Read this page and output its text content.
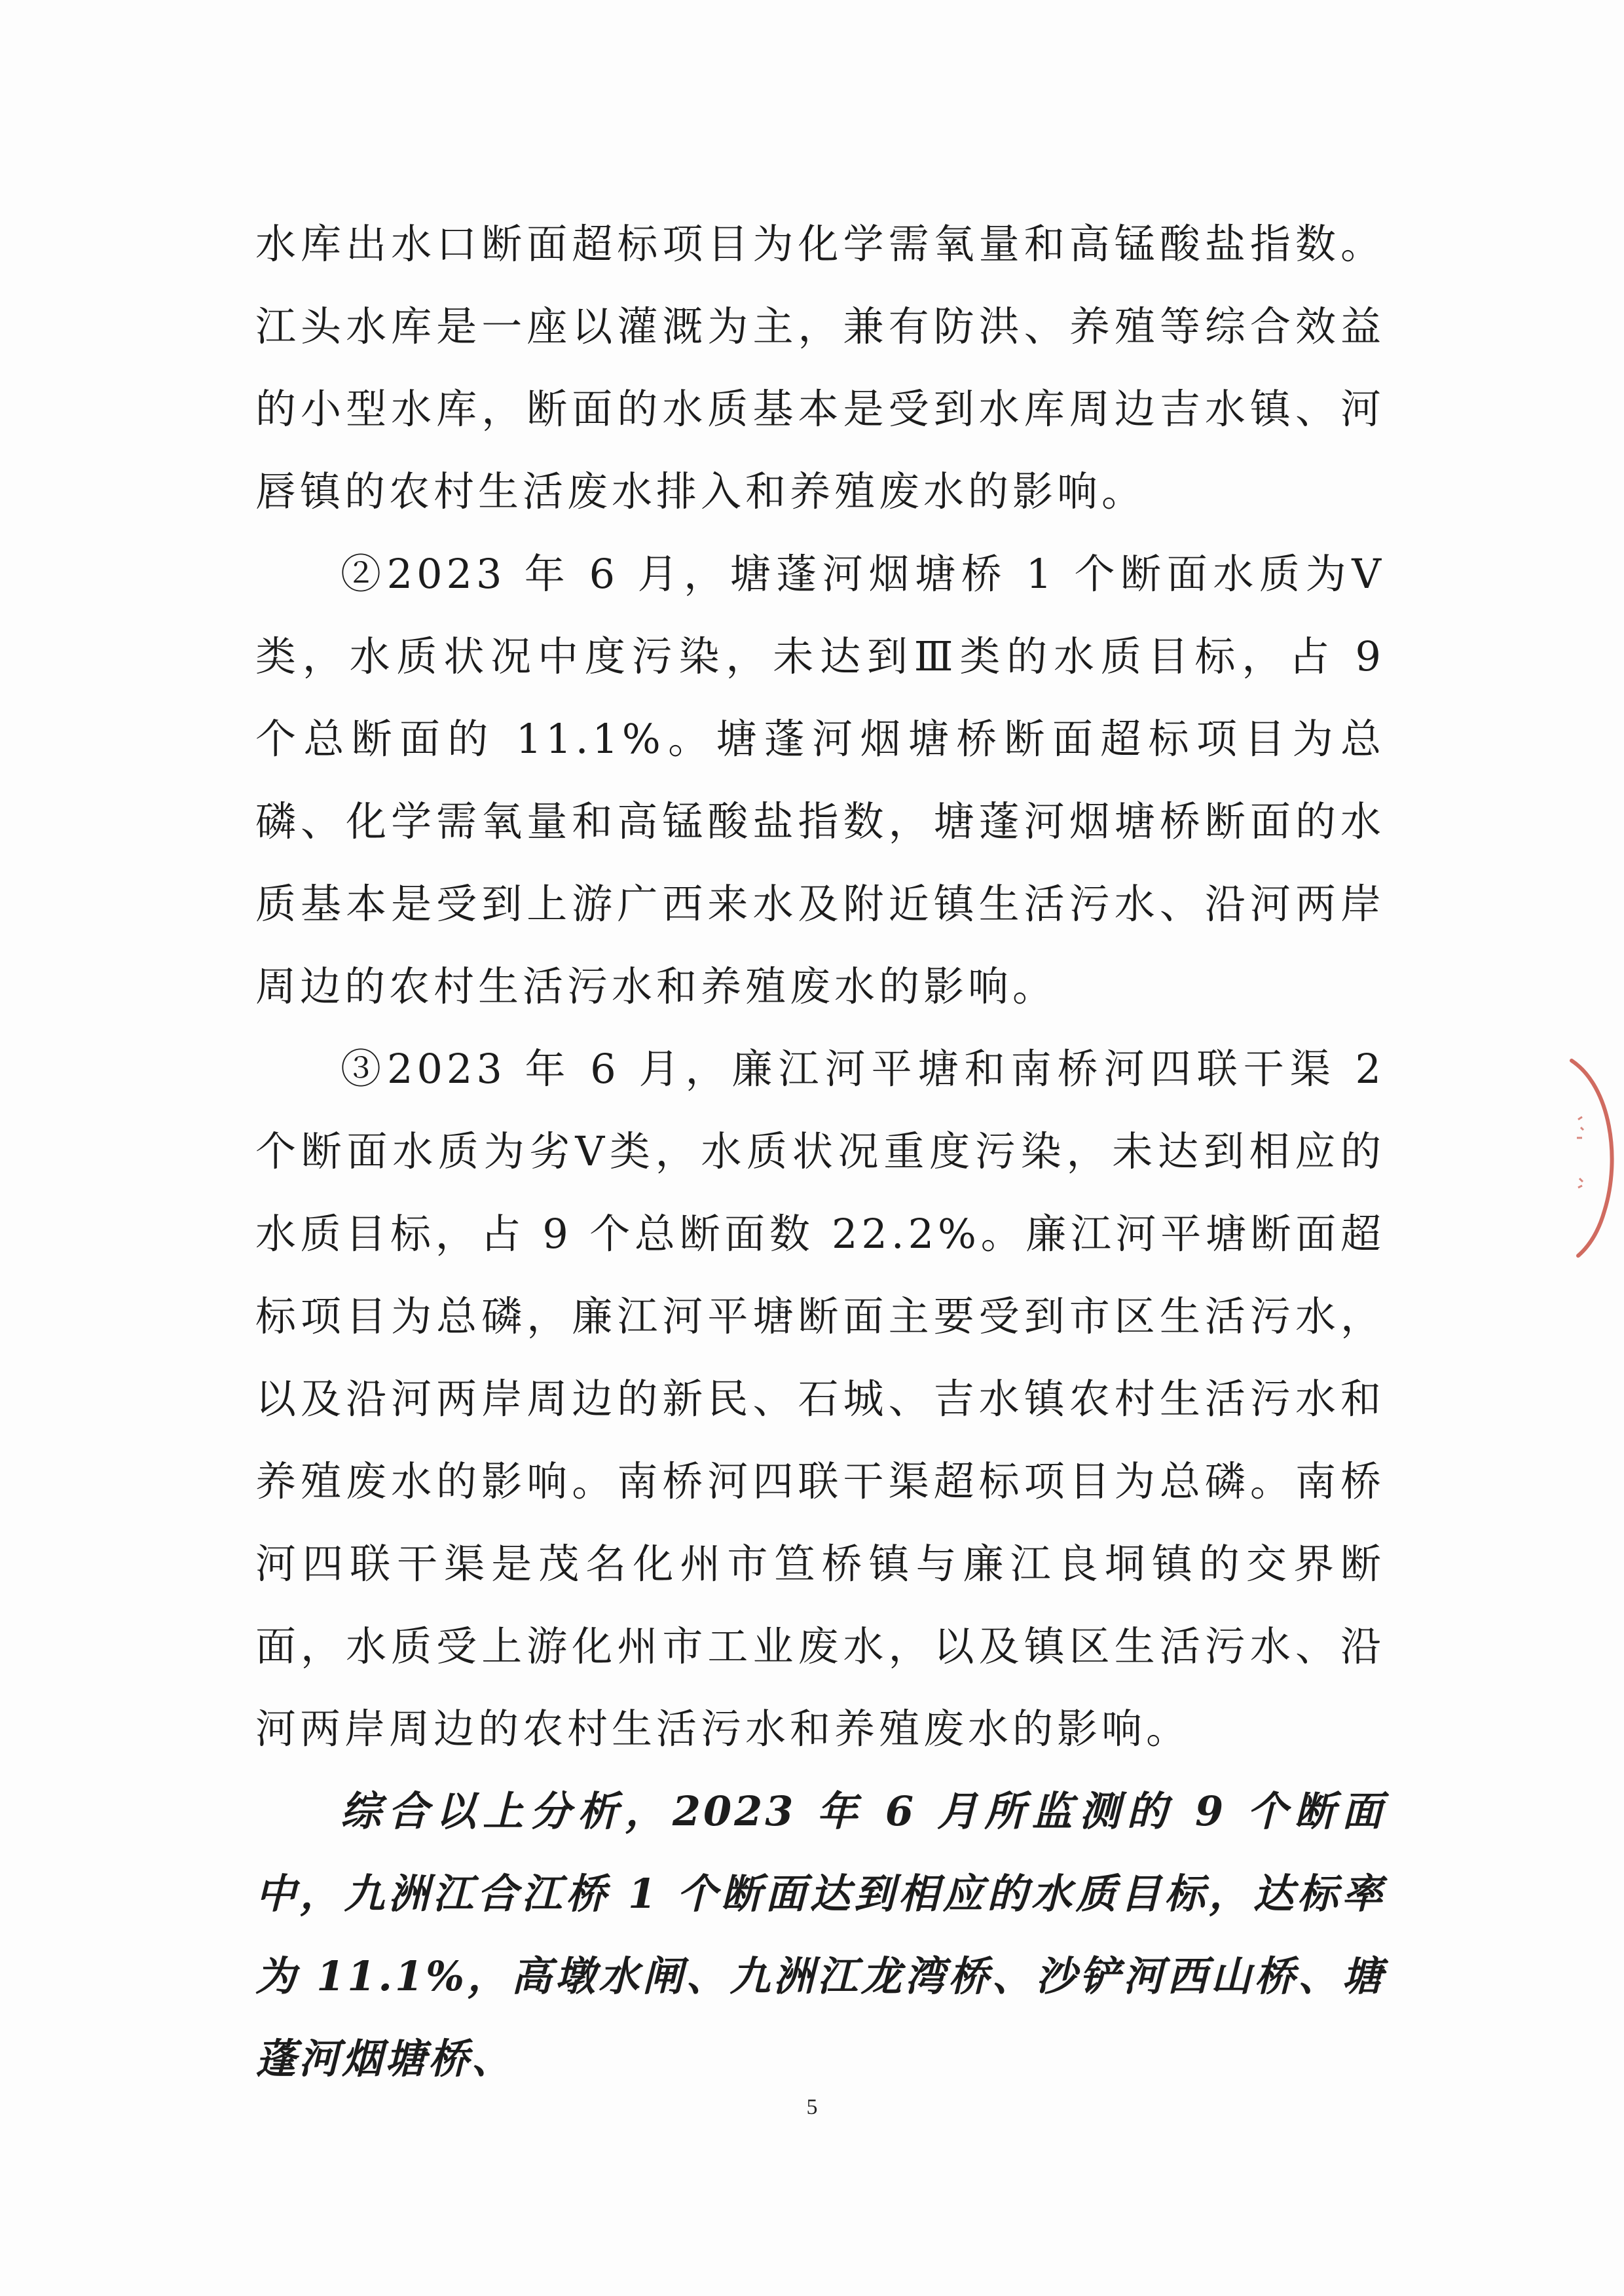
水库出水口断面超标项目为化学需氧量和高锰酸盐指数。江头水库是一座以灌溉为主，兼有防洪、养殖等综合效益的小型水库，断面的水质基本是受到水库周边吉水镇、河唇镇的农村生活废水排入和养殖废水的影响。

②2023 年 6 月，塘蓬河烟塘桥 1 个断面水质为Ⅴ类，水质状况中度污染，未达到Ⅲ类的水质目标，占 9 个总断面的 11.1%。塘蓬河烟塘桥断面超标项目为总磷、化学需氧量和高锰酸盐指数，塘蓬河烟塘桥断面的水质基本是受到上游广西来水及附近镇生活污水、沿河两岸周边的农村生活污水和养殖废水的影响。

③2023 年 6 月，廉江河平塘和南桥河四联干渠 2 个断面水质为劣Ⅴ类，水质状况重度污染，未达到相应的水质目标，占 9 个总断面数 22.2%。廉江河平塘断面超标项目为总磷，廉江河平塘断面主要受到市区生活污水，以及沿河两岸周边的新民、石城、吉水镇农村生活污水和养殖废水的影响。南桥河四联干渠超标项目为总磷。南桥河四联干渠是茂名化州市笪桥镇与廉江良垌镇的交界断面，水质受上游化州市工业废水，以及镇区生活污水、沿河两岸周边的农村生活污水和养殖废水的影响。

综合以上分析，2023 年 6 月所监测的 9 个断面中，九洲江合江桥 1 个断面达到相应的水质目标，达标率为 11.1%，高墩水闸、九洲江龙湾桥、沙铲河西山桥、塘蓬河烟塘桥、

5
